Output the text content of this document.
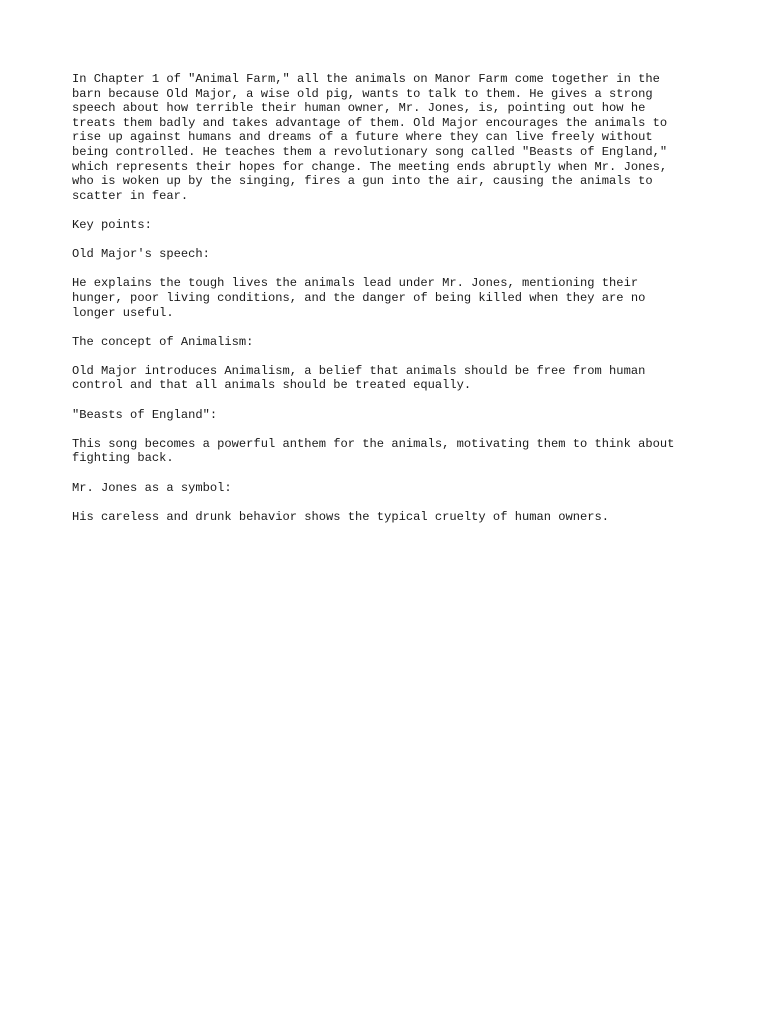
In Chapter 1 of "Animal Farm," all the animals on Manor Farm come together in the
barn because Old Major, a wise old pig, wants to talk to them. He gives a strong
speech about how terrible their human owner, Mr. Jones, is, pointing out how he
treats them badly and takes advantage of them. Old Major encourages the animals to
rise up against humans and dreams of a future where they can live freely without
being controlled. He teaches them a revolutionary song called "Beasts of England,"
which represents their hopes for change. The meeting ends abruptly when Mr. Jones,
who is woken up by the singing, fires a gun into the air, causing the animals to
scatter in fear.

Key points:

Old Major's speech:

He explains the tough lives the animals lead under Mr. Jones, mentioning their
hunger, poor living conditions, and the danger of being killed when they are no
longer useful.

The concept of Animalism:

Old Major introduces Animalism, a belief that animals should be free from human
control and that all animals should be treated equally.

"Beasts of England":

This song becomes a powerful anthem for the animals, motivating them to think about
fighting back.

Mr. Jones as a symbol:

His careless and drunk behavior shows the typical cruelty of human owners.
